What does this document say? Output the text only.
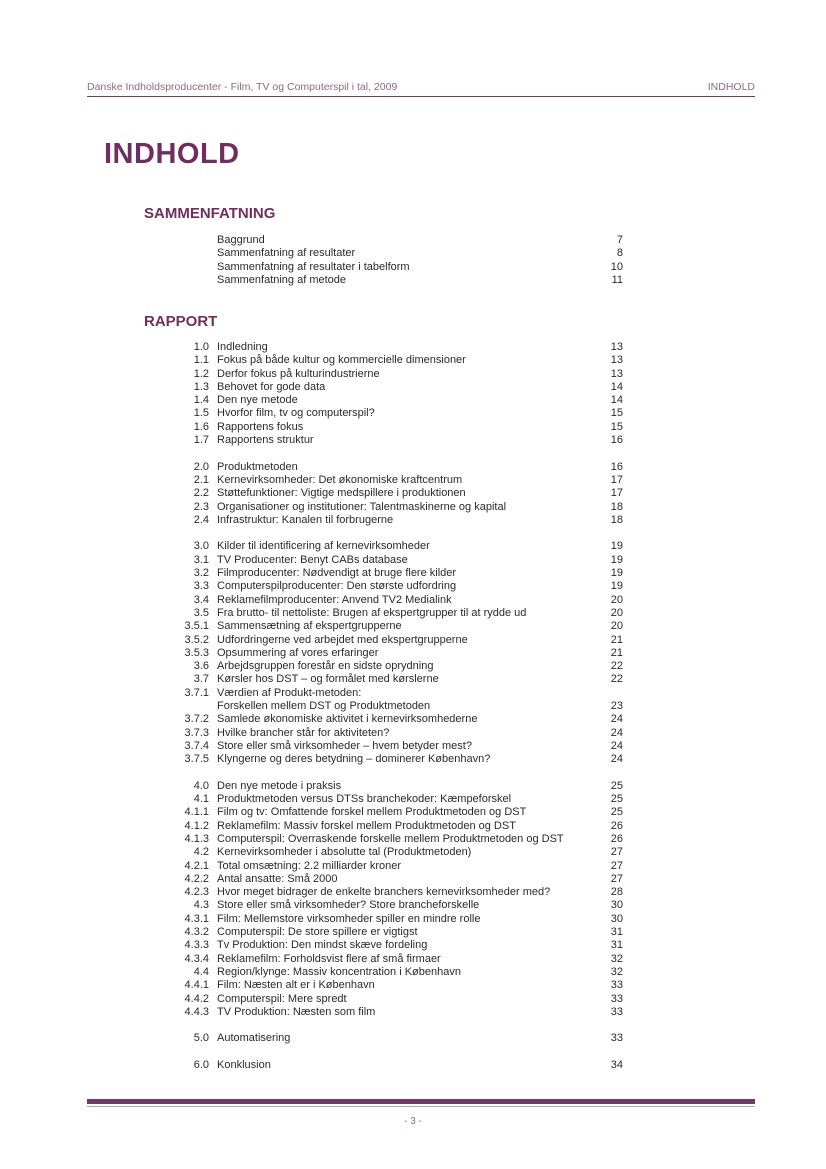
Danske Indholdsproducenter - Film, TV og Computerspil i tal, 2009	INDHOLD
INDHOLD
SAMMENFATNING
Baggrund	7
Sammenfatning af resultater	8
Sammenfatning af resultater i tabelform	10
Sammenfatning af metode	11
RAPPORT
1.0 Indledning	13
1.1 Fokus på både kultur og kommercielle dimensioner	13
1.2 Derfor fokus på kulturindustrierne	13
1.3 Behovet for gode data	14
1.4 Den nye metode	14
1.5 Hvorfor film, tv og computerspil?	15
1.6 Rapportens fokus	15
1.7 Rapportens struktur	16
2.0 Produktmetoden	16
2.1 Kernevirksomheder: Det økonomiske kraftcentrum	17
2.2 Støttefunktioner: Vigtige medspillere i produktionen	17
2.3 Organisationer og institutioner: Talentmaskinerne og kapital	18
2.4 Infrastruktur: Kanalen til forbrugerne	18
3.0 Kilder til identificering af kernevirksomheder	19
3.1 TV Producenter: Benyt CABs database	19
3.2 Filmproducenter: Nødvendigt at bruge flere kilder	19
3.3 Computerspilproducenter: Den største udfordring	19
3.4 Reklamefilmproducenter: Anvend TV2 Medialink	20
3.5 Fra brutto- til nettoliste: Brugen af ekspertgrupper til at rydde ud	20
3.5.1 Sammensætning af ekspertgrupperne	20
3.5.2 Udfordringerne ved arbejdet med ekspertgrupperne	21
3.5.3 Opsummering af vores erfaringer	21
3.6 Arbejdsgruppen forestår en sidste oprydning	22
3.7 Kørsler hos DST – og formålet med kørslerne	22
3.7.1 Værdien af Produkt-metoden:
Forskellen mellem DST og Produktmetoden	23
3.7.2 Samlede økonomiske aktivitet i kernevirksomhederne	24
3.7.3 Hvilke brancher står for aktiviteten?	24
3.7.4 Store eller små virksomheder – hvem betyder mest?	24
3.7.5 Klyngerne og deres betydning – dominerer København?	24
4.0 Den nye metode i praksis	25
4.1 Produktmetoden versus DTSs branchekoder: Kæmpeforskel	25
4.1.1 Film og tv: Omfattende forskel mellem Produktmetoden og DST	25
4.1.2 Reklamefilm: Massiv forskel mellem Produktmetoden og DST	26
4.1.3 Computerspil: Overraskende forskelle mellem Produktmetoden og DST	26
4.2 Kernevirksomheder i absolutte tal (Produktmetoden)	27
4.2.1 Total omsætning: 2.2 milliarder kroner	27
4.2.2 Antal ansatte: Små 2000	27
4.2.3 Hvor meget bidrager de enkelte branchers kernevirksomheder med?	28
4.3 Store eller små virksomheder? Store brancheforskelle	30
4.3.1 Film: Mellemstore virksomheder spiller en mindre rolle	30
4.3.2 Computerspil: De store spillere er vigtigst	31
4.3.3 Tv Produktion: Den mindst skæve fordeling	31
4.3.4 Reklamefilm: Forholdsvist flere af små firmaer	32
4.4 Region/klynge: Massiv koncentration i København	32
4.4.1 Film: Næsten alt er i København	33
4.4.2 Computerspil: Mere spredt	33
4.4.3 TV Produktion: Næsten som film	33
5.0 Automatisering	33
6.0 Konklusion	34
- 3 -
